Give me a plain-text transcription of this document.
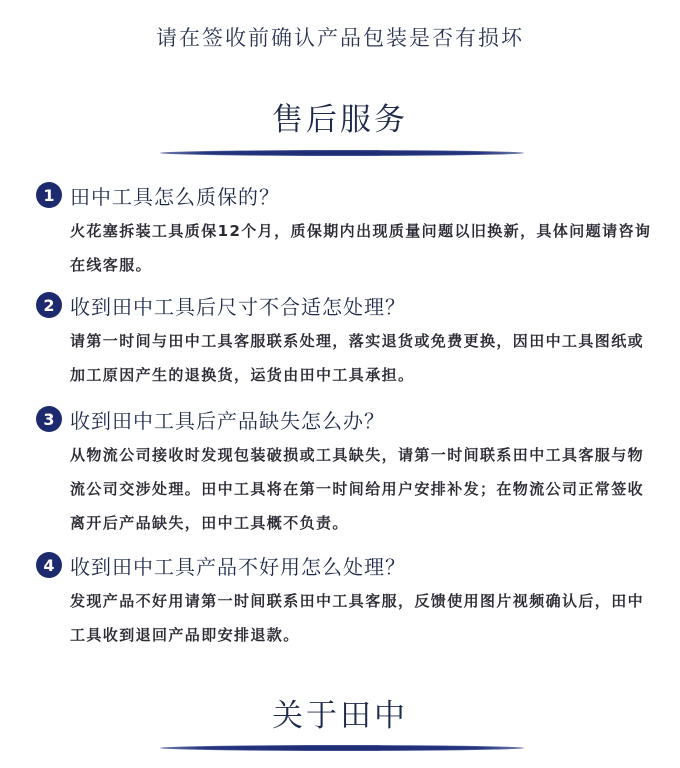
请在签收前确认产品包装是否有损坏
售后服务
1 田中工具怎么质保的？

火花塞拆装工具质保12个月，质保期内出现质量问题以旧换新，具体问题请咨询在线客服。

2 收到田中工具后尺寸不合适怎处理？

请第一时间与田中工具客服联系处理，落实退货或免费更换，因田中工具图纸或加工原因产生的退换货，运货由田中工具承担。

3 收到田中工具后产品缺失怎么办？

从物流公司接收时发现包装破损或工具缺失，请第一时间联系田中工具客服与物流公司交涉处理。田中工具将在第一时间给用户安排补发；在物流公司正常签收离开后产品缺失，田中工具概不负责。

4 收到田中工具产品不好用怎么处理？

发现产品不好用请第一时间联系田中工具客服，反馈使用图片视频确认后，田中工具收到退回产品即安排退款。

关于田中
